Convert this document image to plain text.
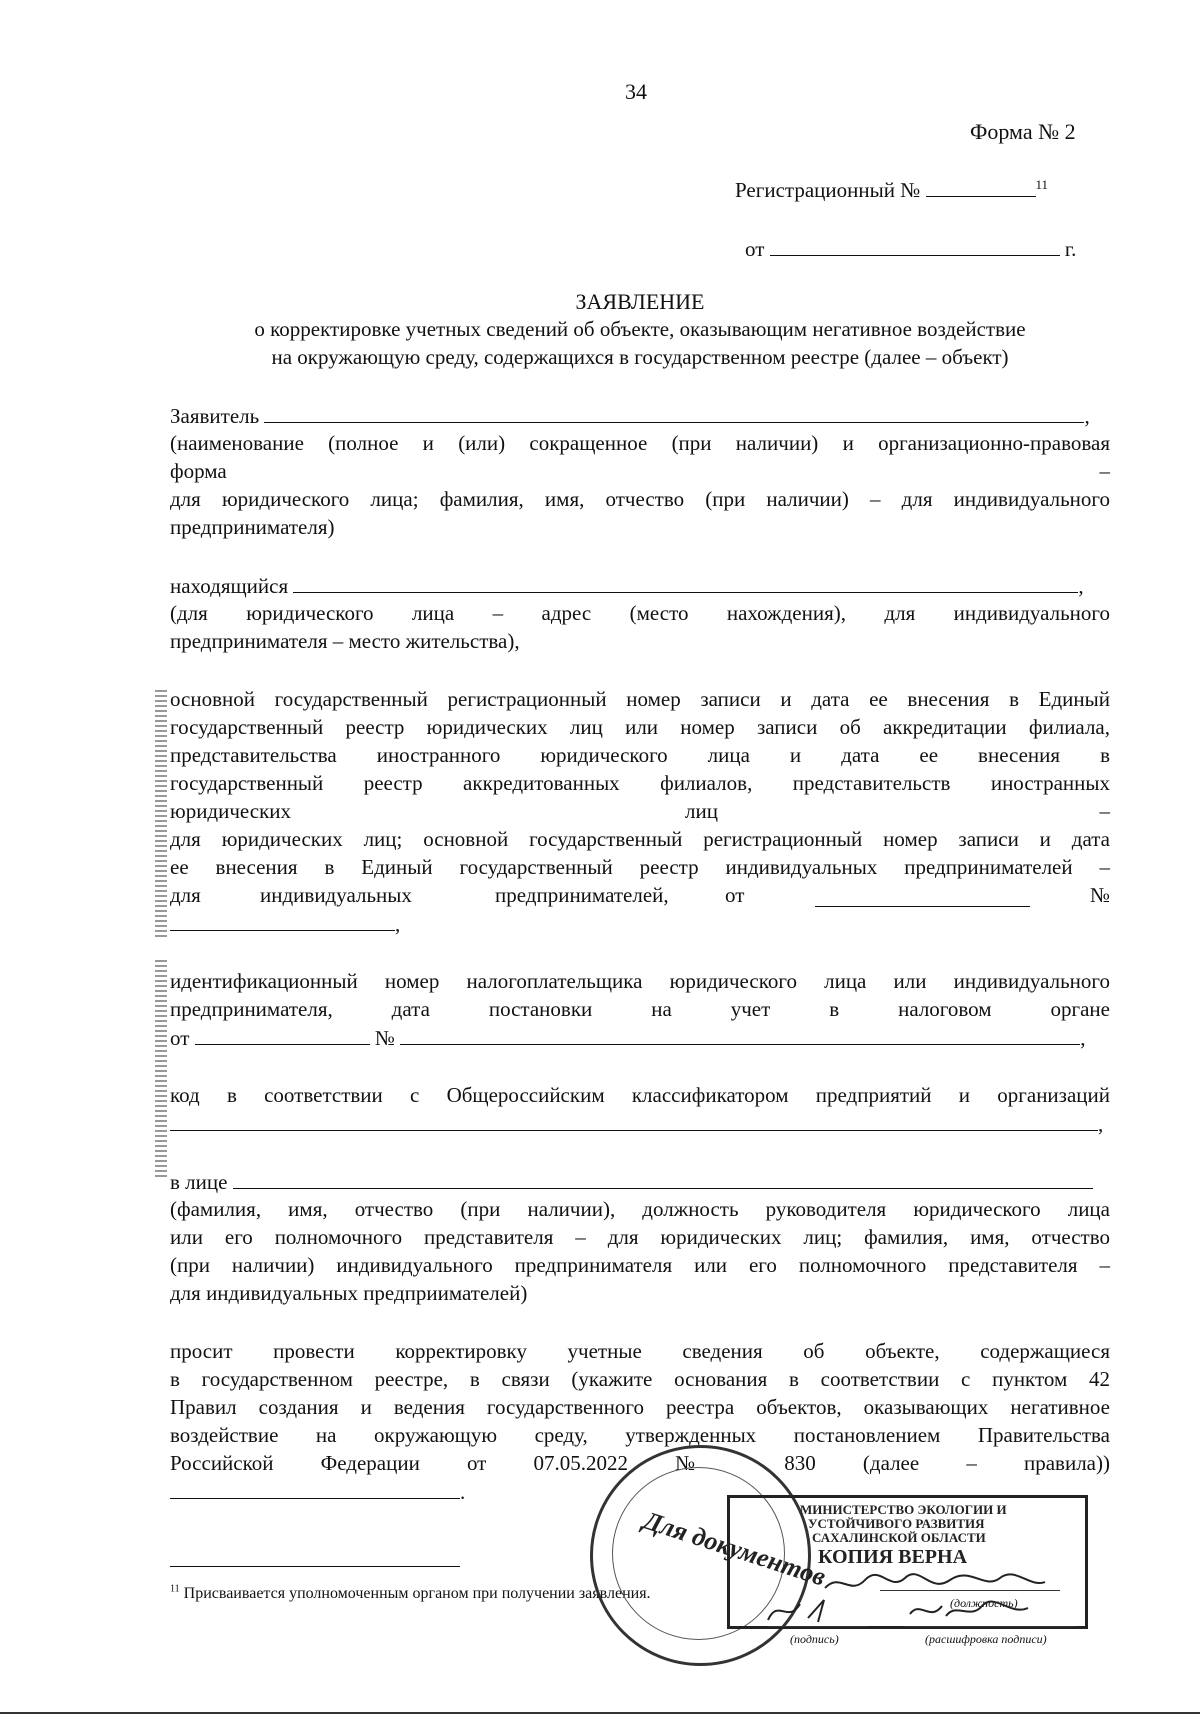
34
Форма № 2
Регистрационный №	$^{11}$
от	г.
ЗАЯВЛЕНИЕ
о корректировке учетных сведений об объекте, оказывающим негативное воздействие
на окружающую среду, содержащихся в государственном реестре (далее – объект)
Заявитель	,
(наименование (полное и (или) сокращенное (при наличии) и организационно-правовая
форма	–
для юридического лица; фамилия, имя, отчество (при наличии) – для индивидуального
предпринимателя)
находящийся	,
(для юридического лица – адрес (место нахождения), для индивидуального
предпринимателя – место жительства),
основной государственный регистрационный номер записи и дата ее внесения в Единый
государственный реестр юридических лиц или номер записи об аккредитации филиала,
представительства иностранного юридического лица и дата ее внесения в
государственный реестр аккредитованных филиалов, представительств иностранных
юридических	лиц	–
для юридических лиц; основной государственный регистрационный номер записи и дата
ее внесения в Единый государственный реестр индивидуальных предпринимателей –
для	индивидуальных	предпринимателей,	от	№
,
идентификационный номер налогоплательщика юридического лица или индивидуального
предпринимателя, дата постановки на учет в налоговом органе
от	№	,
код в соответствии с Общероссийским классификатором предприятий и организаций
,
в лице
(фамилия, имя, отчество (при наличии), должность руководителя юридического лица
или его полномочного представителя – для юридических лиц; фамилия, имя, отчество
(при наличии) индивидуального предпринимателя или его полномочного представителя –
для индивидуальных предприимателей)
просит провести корректировку учетные сведения об объекте, содержащиеся
в государственном реестре, в связи (укажите основания в соответствии с пунктом 42
Правил создания и ведения государственного реестра объектов, оказывающих негативное
воздействие на окружающую среду, утвержденных постановлением Правительства
Российской Федерации от 07.05.2022 № 830 (далее – правила))
.
$^{11}$ Присваивается уполномоченным органом при получении заявления.
Для документов
МИНИСТЕРСТВО ЭКОЛОГИИ И
УСТОЙЧИВОГО РАЗВИТИЯ
САХАЛИНСКОЙ ОБЛАСТИ
КОПИЯ ВЕРНА
(должность)
(подпись)	(расшифровка подписи)
